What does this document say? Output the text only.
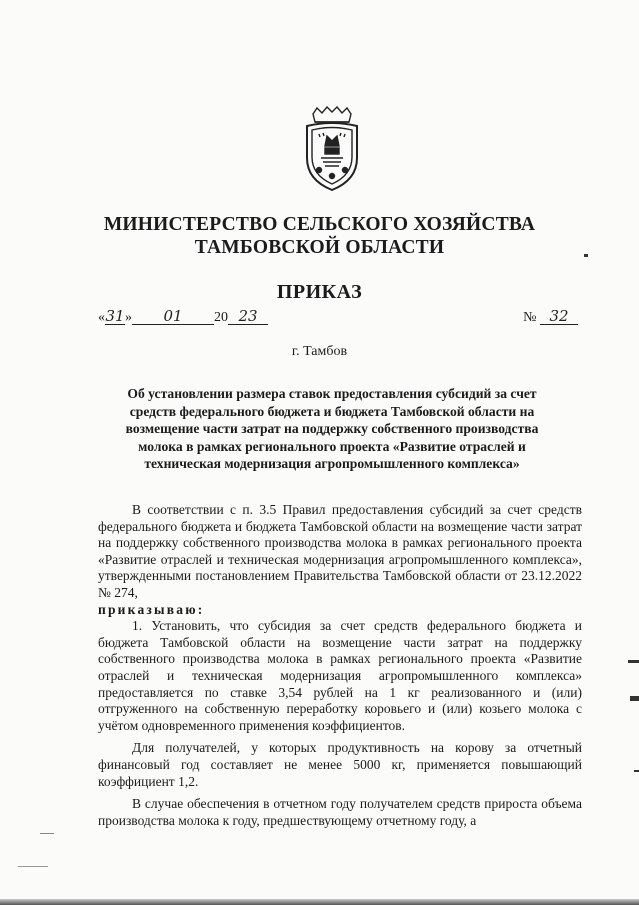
МИНИСТЕРСТВО СЕЛЬСКОГО ХОЗЯЙСТВА
ТАМБОВСКОЙ ОБЛАСТИ
ПРИКАЗ
«31» 01 20 23	№ 32
г. Тамбов
Об установлении размера ставок предоставления субсидий за счет
средств федерального бюджета и бюджета Тамбовской области на
возмещение части затрат на поддержку собственного производства
молока в рамках регионального проекта «Развитие отраслей и
техническая модернизация агропромышленного комплекса»

В соответствии с п. 3.5 Правил предоставления субсидий за счет средств федерального бюджета и бюджета Тамбовской области на возмещение части затрат на поддержку собственного производства молока в рамках регионального проекта «Развитие отраслей и техническая модернизация агропромышленного комплекса», утвержденными постановлением Правительства Тамбовской области от 23.12.2022 № 274,

приказываю:

1. Установить, что субсидия за счет средств федерального бюджета и бюджета Тамбовской области на возмещение части затрат на поддержку собственного производства молока в рамках регионального проекта «Развитие отраслей и техническая модернизация агропромышленного комплекса» предоставляется по ставке 3,54 рублей на 1 кг реализованного и (или) отгруженного на собственную переработку коровьего и (или) козьего молока с учётом одновременного применения коэффициентов.

Для получателей, у которых продуктивность на корову за отчетный финансовый год составляет не менее 5000 кг, применяется повышающий коэффициент 1,2.

В случае обеспечения в отчетном году получателем средств прироста объема производства молока к году, предшествующему отчетному году, а
